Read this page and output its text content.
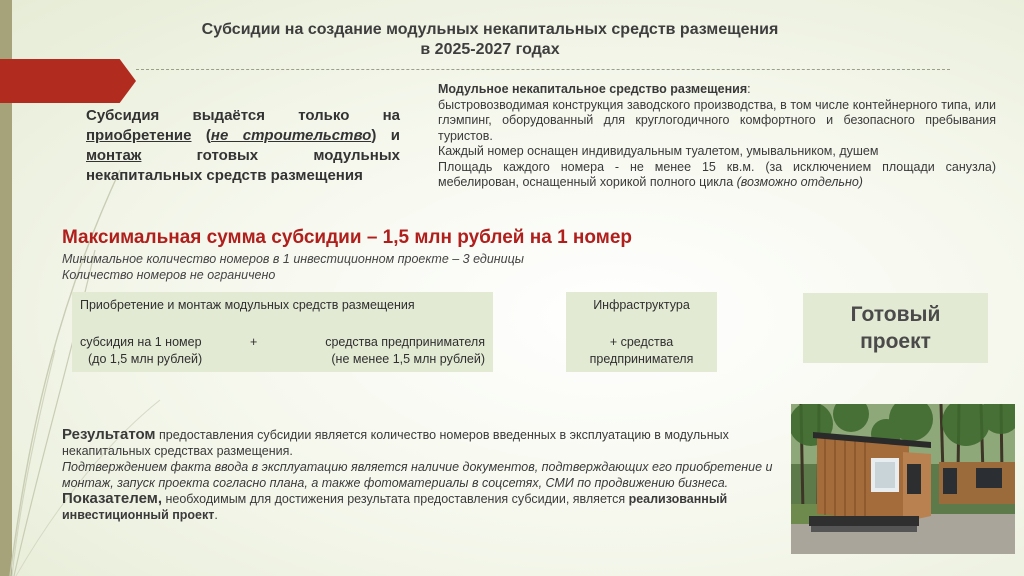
Субсидии на создание модульных некапитальных средств размещения
в 2025-2027 годах
Субсидия выдаётся только на приобретение (не строительство) и монтаж	готовых модульных некапитальных средств размещения

Модульное некапитальное средство размещения:

быстровозводимая конструкция заводского производства, в том числе контейнерного типа, или глэмпинг, оборудованный для круглогодичного комфортного и безопасного пребывания туристов.

Каждый номер оснащен индивидуальным туалетом, умывальником, душем

Площадь каждого номера - не менее 15 кв.м. (за исключением площади санузла) мебелирован, оснащенный хорикой полного цикла (возможно отдельно)

Максимальная сумма субсидии – 1,5 млн рублей на 1 номер
Минимальное количество номеров в 1 инвестиционном проекте – 3 единицы
Количество номеров не ограничено
Приобретение и монтаж модульных средств размещения
субсидия на 1 номер
(до 1,5 млн рублей)
+	средства предпринимателя
(не менее 1,5 млн рублей)
Инфраструктура
+ средства
предпринимателя
Готовый
проект

Результатом предоставления субсидии является количество номеров введенных в эксплуатацию в модульных некапитальных средствах размещения.

Подтверждением факта ввода в эксплуатацию является наличие документов, подтверждающих его приобретение и монтаж, запуск проекта согласно плана, а также фотоматериалы в соцсетях, СМИ по продвижению бизнеса.

Показателем, необходимым для достижения результата предоставления субсидии, является реализованный инвестиционный проект.
